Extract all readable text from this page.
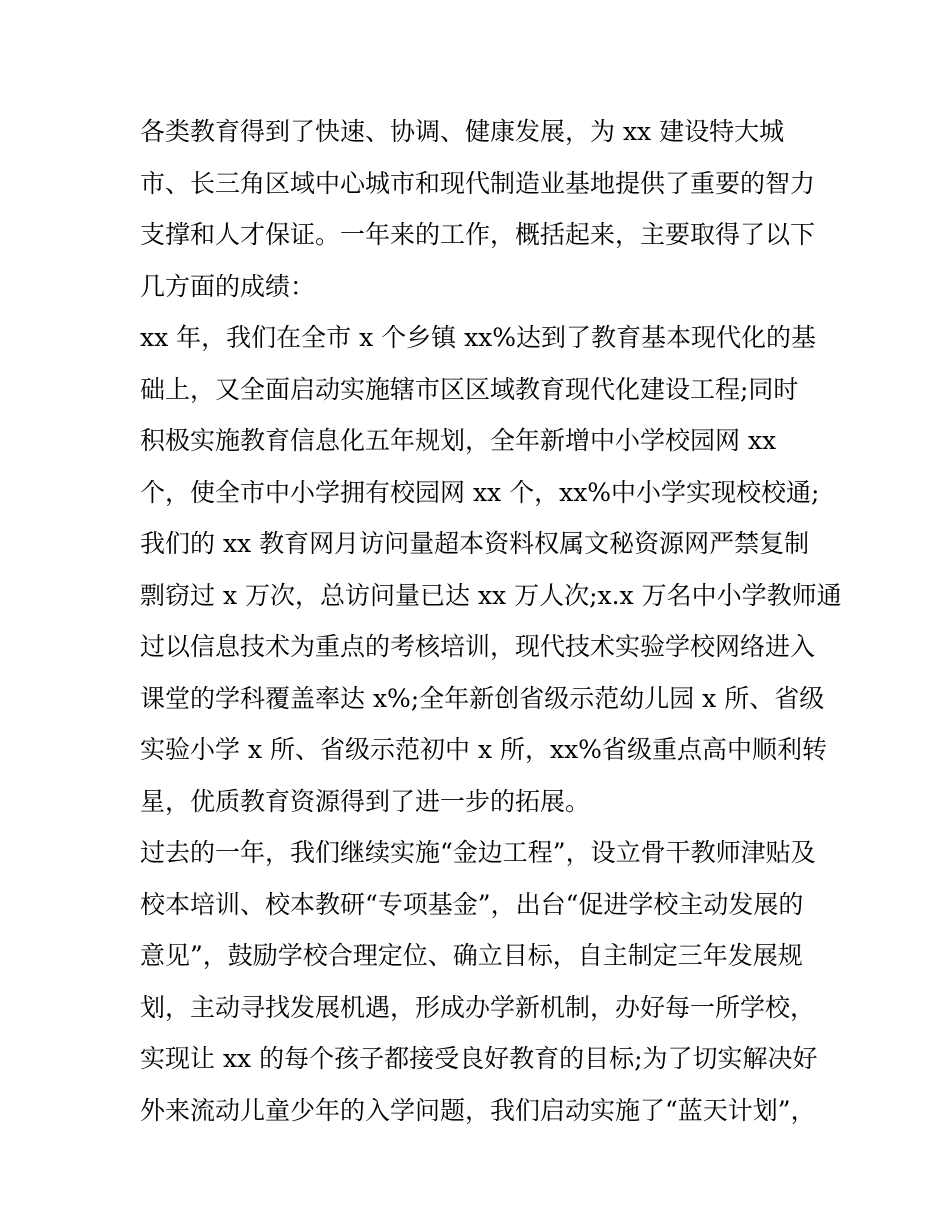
各类教育得到了快速、协调、健康发展，为 xx 建设特大城
市、长三角区域中心城市和现代制造业基地提供了重要的智力
支撑和人才保证。一年来的工作，概括起来，主要取得了以下
几方面的成绩：
xx 年，我们在全市 x 个乡镇 xx%达到了教育基本现代化的基
础上，又全面启动实施辖市区区域教育现代化建设工程;同时
积极实施教育信息化五年规划，全年新增中小学校园网 xx
个，使全市中小学拥有校园网 xx 个，xx%中小学实现校校通;
我们的 xx 教育网月访问量超本资料权属文秘资源网严禁复制
剽窃过 x 万次，总访问量已达 xx 万人次;x.x 万名中小学教师通
过以信息技术为重点的考核培训，现代技术实验学校网络进入
课堂的学科覆盖率达 x%;全年新创省级示范幼儿园 x 所、省级
实验小学 x 所、省级示范初中 x 所，xx%省级重点高中顺利转
星，优质教育资源得到了进一步的拓展。
过去的一年，我们继续实施“金边工程”，设立骨干教师津贴及
校本培训、校本教研“专项基金”，出台“促进学校主动发展的
意见”，鼓励学校合理定位、确立目标，自主制定三年发展规
划，主动寻找发展机遇，形成办学新机制，办好每一所学校，
实现让 xx 的每个孩子都接受良好教育的目标;为了切实解决好
外来流动儿童少年的入学问题，我们启动实施了“蓝天计划”，
